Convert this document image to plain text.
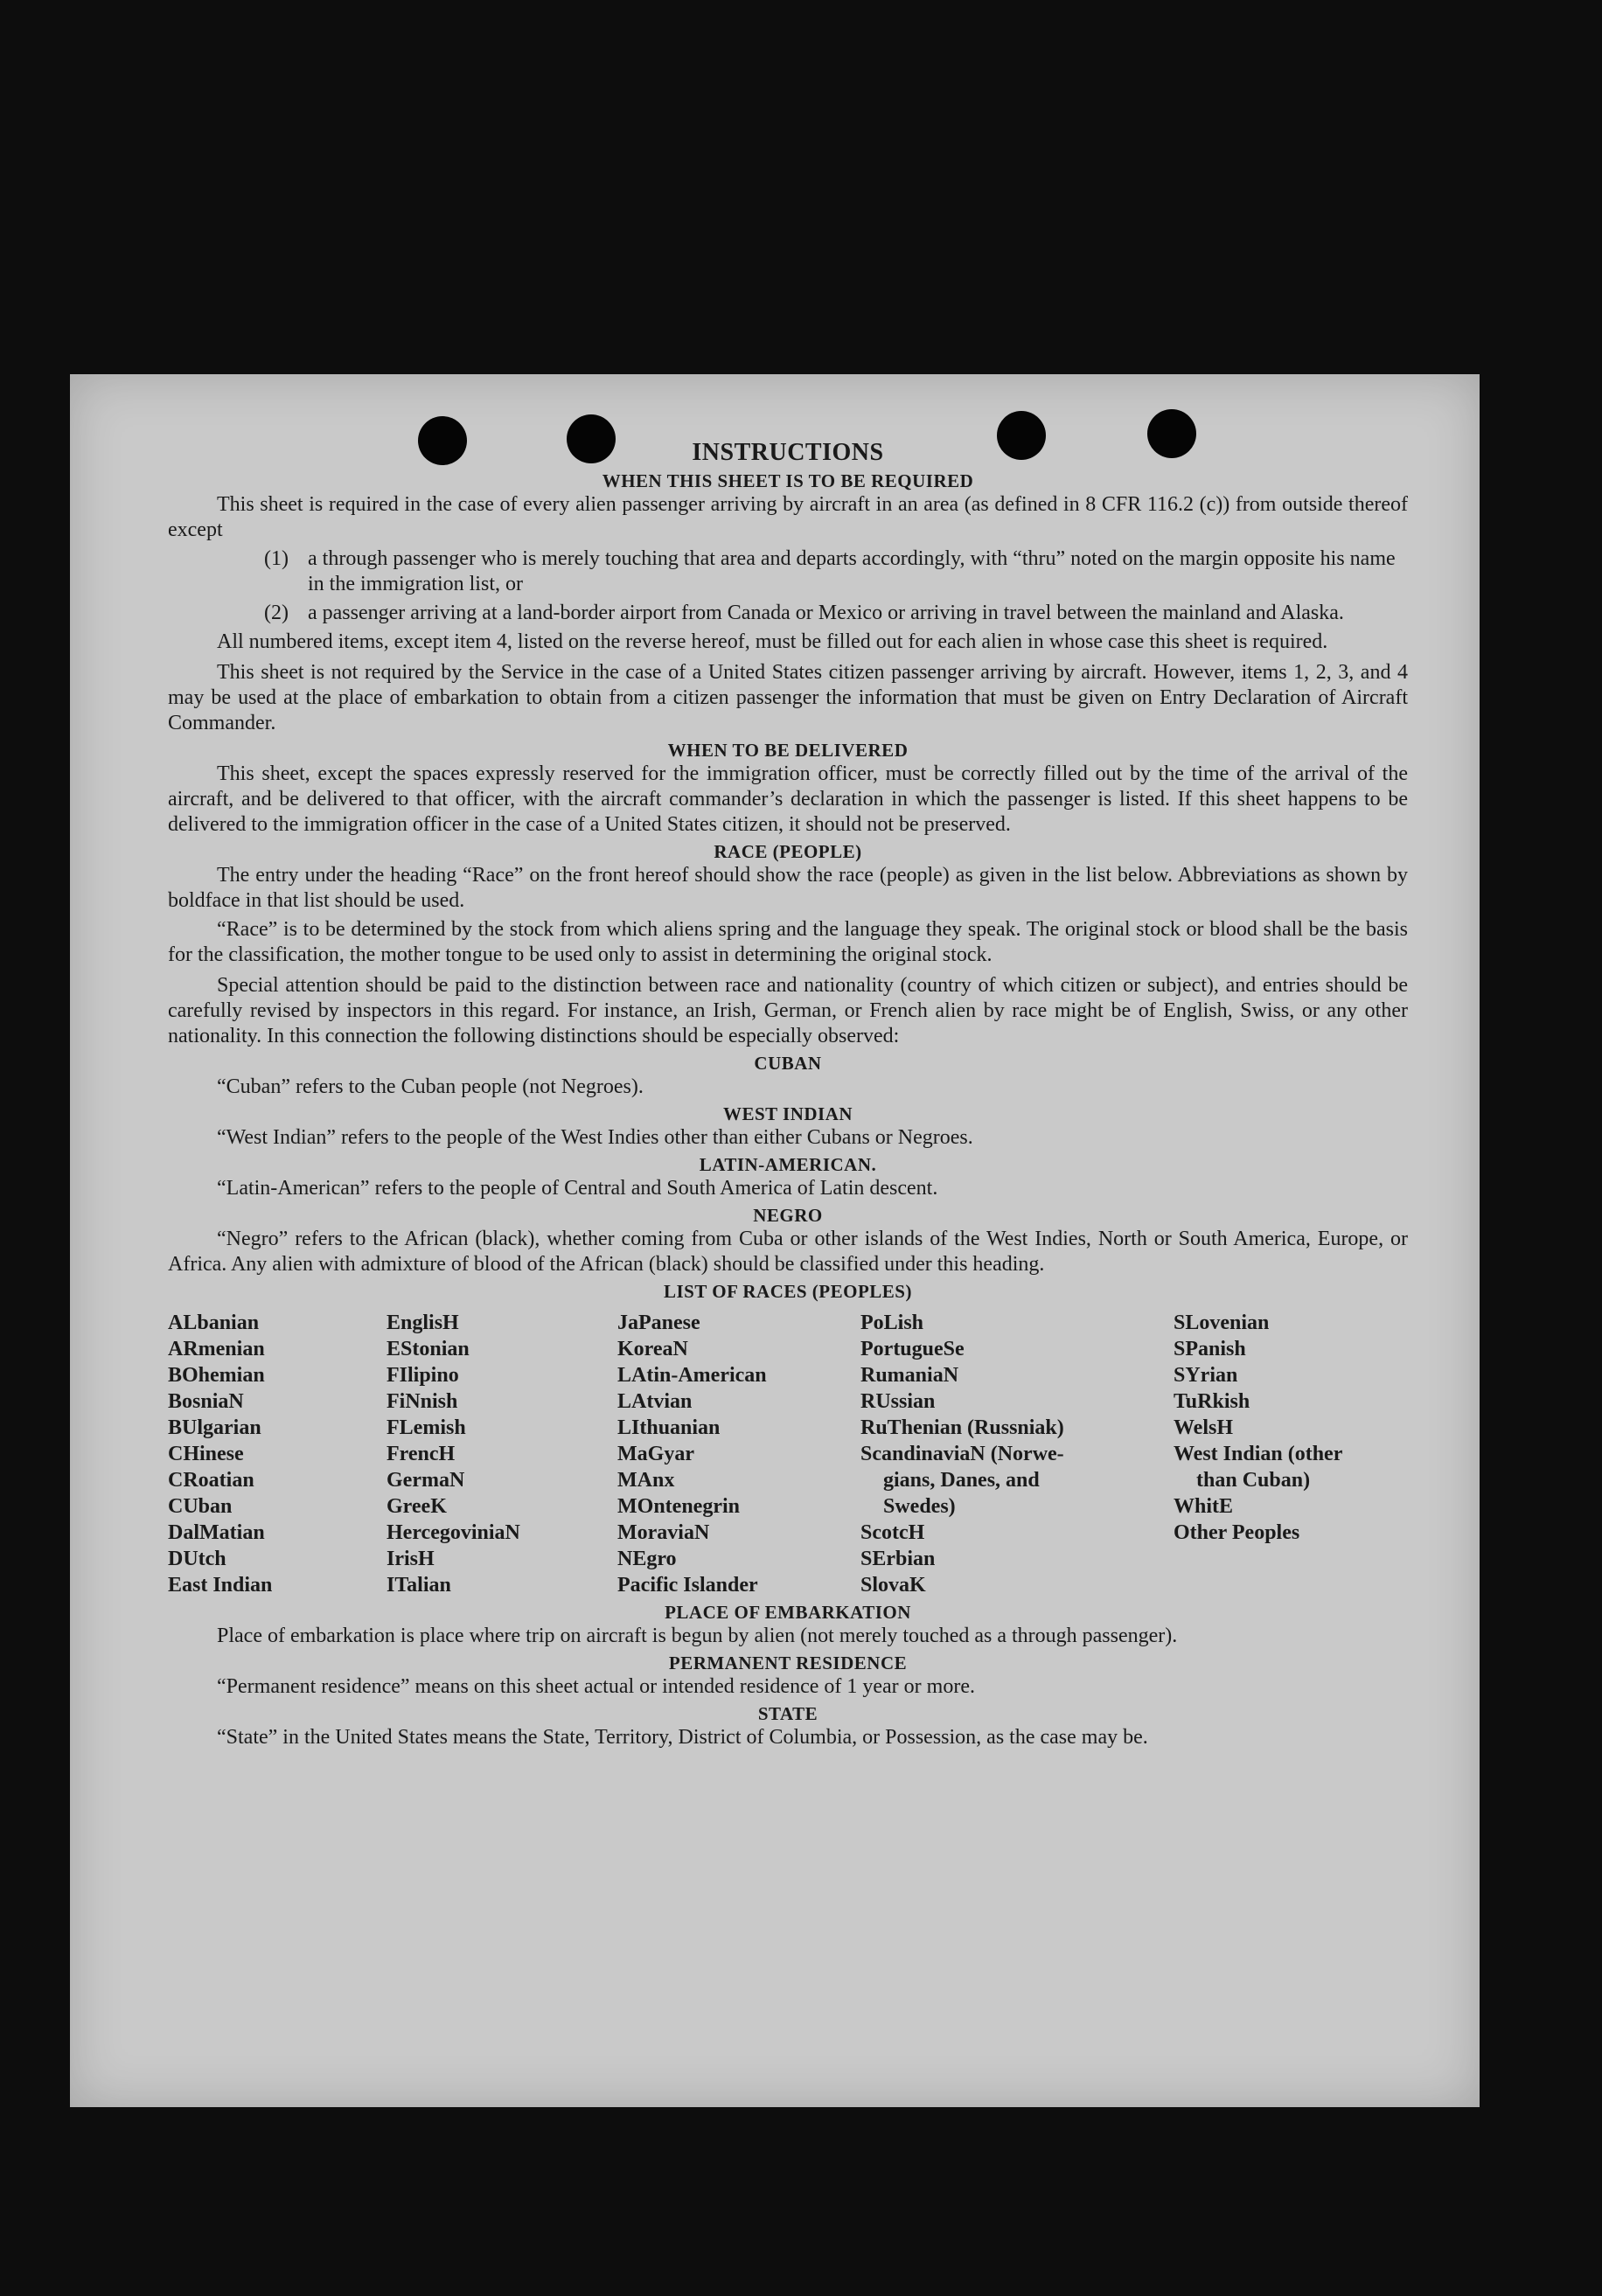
INSTRUCTIONS
WHEN THIS SHEET IS TO BE REQUIRED

This sheet is required in the case of every alien passenger arriving by aircraft in an area (as defined in 8 CFR 116.2 (c)) from outside thereof except

(1) a through passenger who is merely touching that area and departs accordingly, with “thru” noted on the margin opposite his name in the immigration list, or
(2) a passenger arriving at a land-border airport from Canada or Mexico or arriving in travel between the mainland and Alaska.

All numbered items, except item 4, listed on the reverse hereof, must be filled out for each alien in whose case this sheet is required.

This sheet is not required by the Service in the case of a United States citizen passenger arriving by aircraft. However, items 1, 2, 3, and 4 may be used at the place of embarkation to obtain from a citizen passenger the information that must be given on Entry Declaration of Aircraft Commander.

WHEN TO BE DELIVERED

This sheet, except the spaces expressly reserved for the immigration officer, must be correctly filled out by the time of the arrival of the aircraft, and be delivered to that officer, with the aircraft commander’s declaration in which the passenger is listed. If this sheet happens to be delivered to the immigration officer in the case of a United States citizen, it should not be preserved.

RACE (PEOPLE)

The entry under the heading “Race” on the front hereof should show the race (people) as given in the list below. Abbreviations as shown by boldface in that list should be used.

“Race” is to be determined by the stock from which aliens spring and the language they speak. The original stock or blood shall be the basis for the classification, the mother tongue to be used only to assist in determining the original stock.

Special attention should be paid to the distinction between race and nationality (country of which citizen or subject), and entries should be carefully revised by inspectors in this regard. For instance, an Irish, German, or French alien by race might be of English, Swiss, or any other nationality. In this connection the following distinctions should be especially observed:

CUBAN

“Cuban” refers to the Cuban people (not Negroes).

WEST INDIAN

“West Indian” refers to the people of the West Indies other than either Cubans or Negroes.

LATIN-AMERICAN.

“Latin-American” refers to the people of Central and South America of Latin descent.

NEGRO

“Negro” refers to the African (black), whether coming from Cuba or other islands of the West Indies, North or South America, Europe, or Africa. Any alien with admixture of blood of the African (black) should be classified under this heading.

LIST OF RACES (PEOPLES)
ALbanian
ARmenian
BOhemian
BosniaN
BUlgarian
CHinese
CRoatian
CUban
DalMatian
DUtch
East Indian
EnglisH
EStonian
FIlipino
FiNnish
FLemish
FrencH
GermaN
GreeK
HercegoviniaN
IrisH
ITalian
JaPanese
KoreaN
LAtin-American
LAtvian
LIthuanian
MaGyar
MAnx
MOntenegrin
MoraviaN
NEgro
Pacific Islander
PoLish
PortugueSe
RumaniaN
RUssian
RuThenian (Russniak)
ScandinaviaN (Norwe-
gians, Danes, and
Swedes)
ScotcH
SErbian
SlovaK
SLovenian
SPanish
SYrian
TuRkish
WelsH
West Indian (other
than Cuban)
WhitE
Other Peoples
PLACE OF EMBARKATION

Place of embarkation is place where trip on aircraft is begun by alien (not merely touched as a through passenger).

PERMANENT RESIDENCE

“Permanent residence” means on this sheet actual or intended residence of 1 year or more.

STATE

“State” in the United States means the State, Territory, District of Columbia, or Possession, as the case may be.
